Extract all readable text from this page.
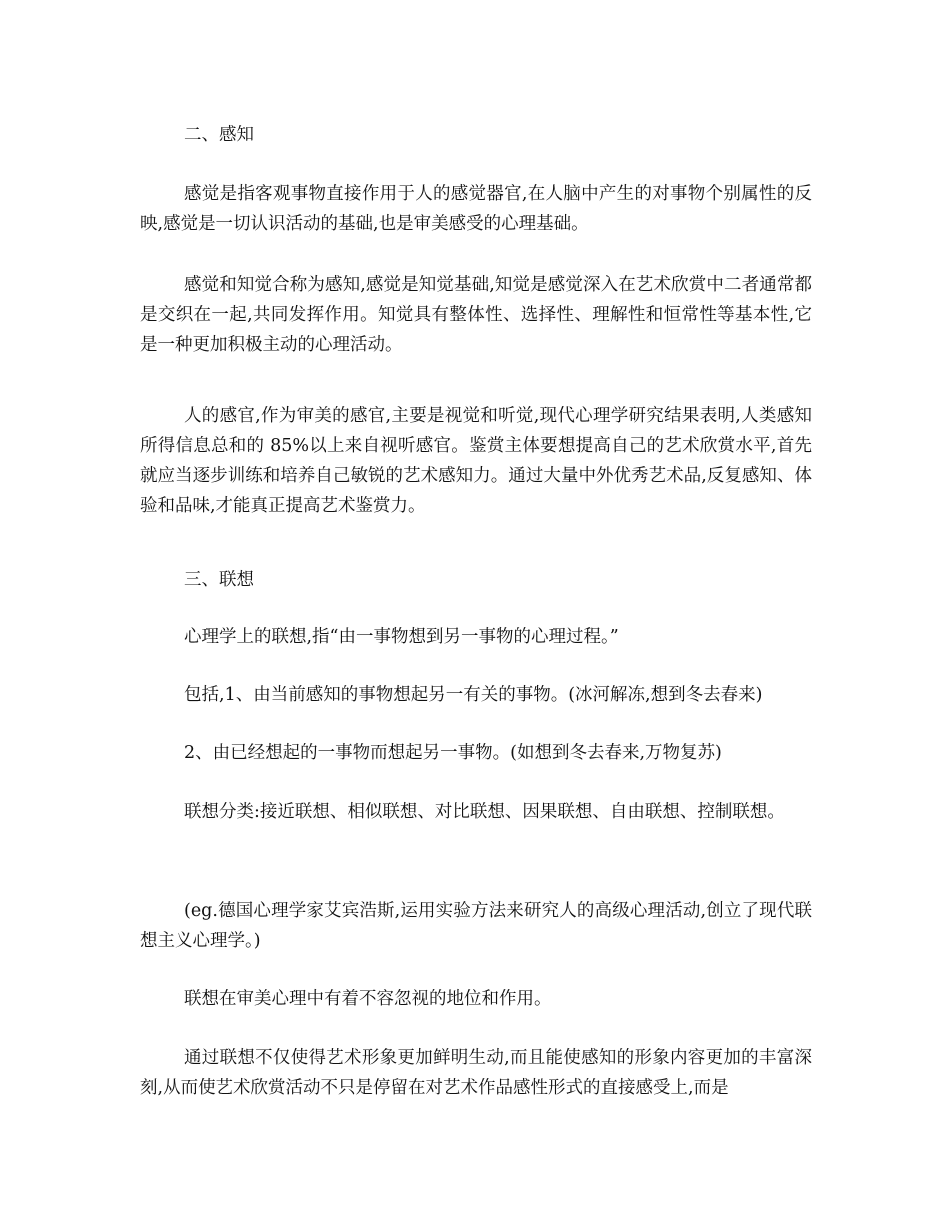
二、感知

感觉是指客观事物直接作用于人的感觉器官,在人脑中产生的对事物个别属性的反映,感觉是一切认识活动的基础,也是审美感受的心理基础。

感觉和知觉合称为感知,感觉是知觉基础,知觉是感觉深入在艺术欣赏中二者通常都是交织在一起,共同发挥作用。知觉具有整体性、选择性、理解性和恒常性等基本性,它是一种更加积极主动的心理活动。

人的感官,作为审美的感官,主要是视觉和听觉,现代心理学研究结果表明,人类感知所得信息总和的 85%以上来自视听感官。鉴赏主体要想提高自己的艺术欣赏水平,首先就应当逐步训练和培养自己敏锐的艺术感知力。通过大量中外优秀艺术品,反复感知、体验和品味,才能真正提高艺术鉴赏力。

三、联想

心理学上的联想,指“由一事物想到另一事物的心理过程。”

包括,1、由当前感知的事物想起另一有关的事物。(冰河解冻,想到冬去春来)

2、由已经想起的一事物而想起另一事物。(如想到冬去春来,万物复苏)

联想分类:接近联想、相似联想、对比联想、因果联想、自由联想、控制联想。

(eg.德国心理学家艾宾浩斯,运用实验方法来研究人的高级心理活动,创立了现代联想主义心理学。)

联想在审美心理中有着不容忽视的地位和作用。

通过联想不仅使得艺术形象更加鲜明生动,而且能使感知的形象内容更加的丰富深刻,从而使艺术欣赏活动不只是停留在对艺术作品感性形式的直接感受上,而是
